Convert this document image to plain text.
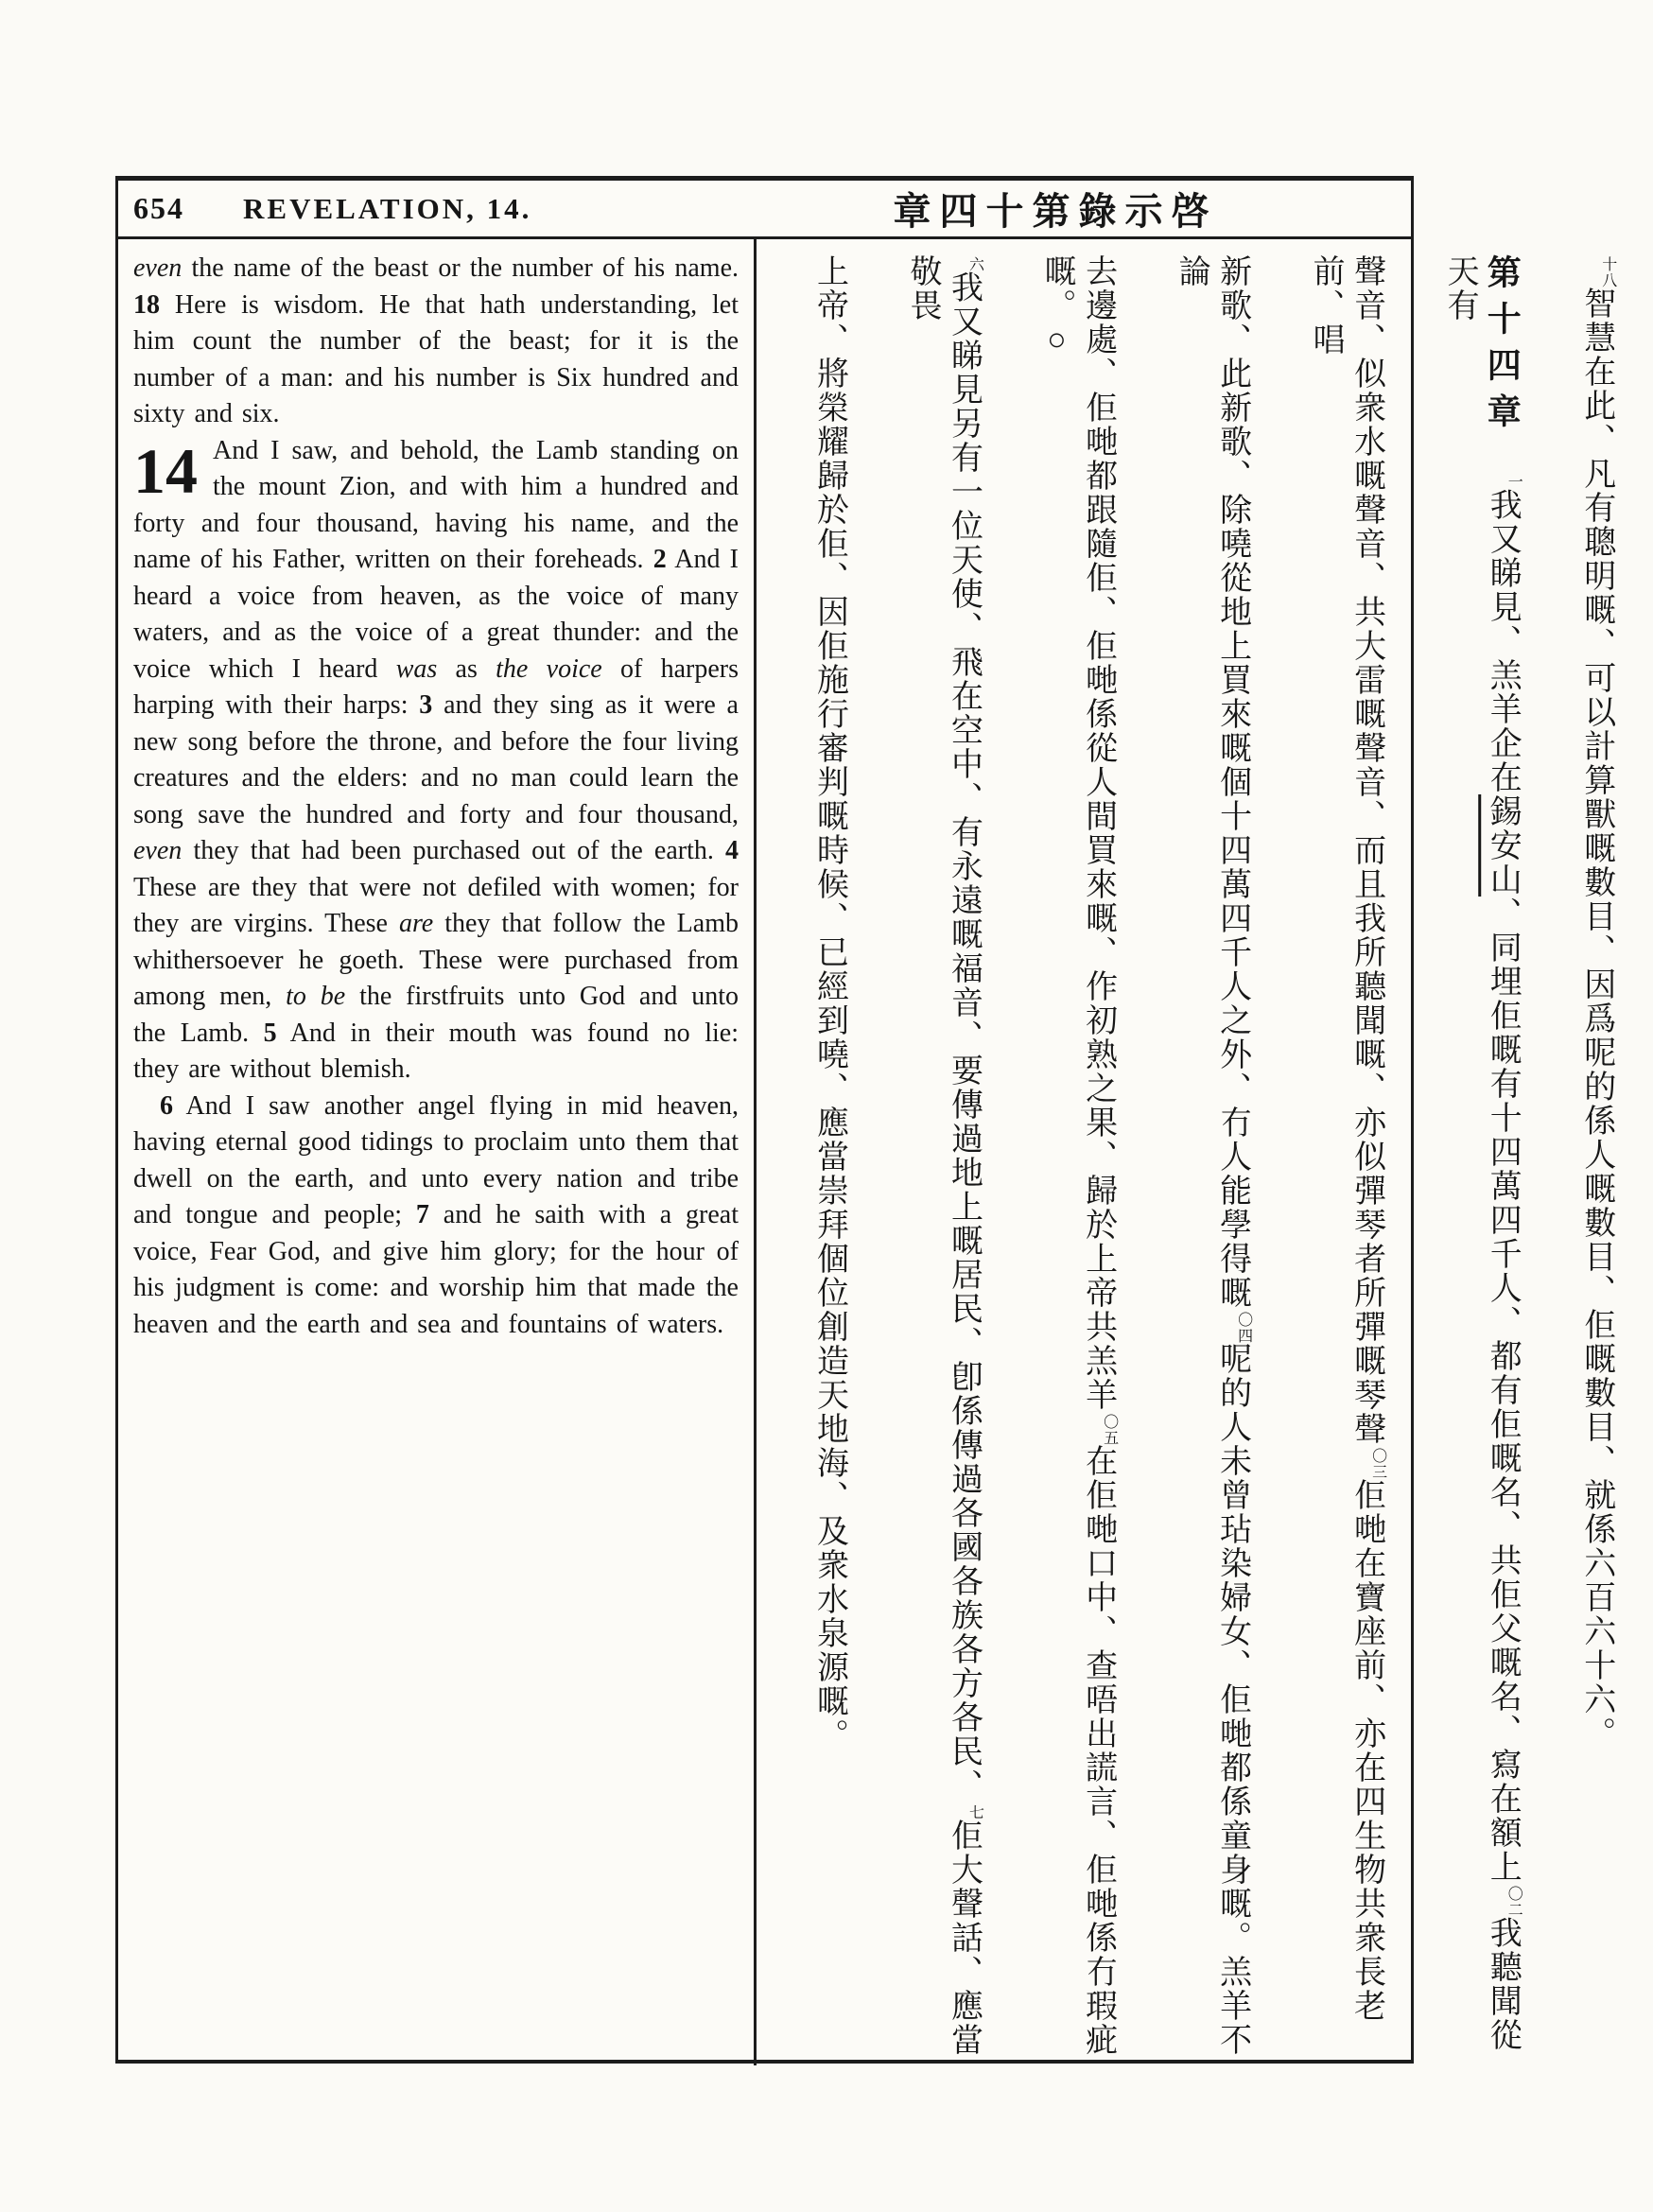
654 REVELATION, 14.	章四十第錄示啓

even the name of the beast or the number of his name. 18 Here is wisdom. He that hath understanding, let him count the number of the beast; for it is the number of a man: and his number is Six hundred and sixty and six.

14 And I saw, and behold, the Lamb standing on the mount Zion, and with him a hundred and forty and four thousand, having his name, and the name of his Father, written on their foreheads. 2 And I heard a voice from heaven, as the voice of many waters, and as the voice of a great thunder: and the voice which I heard was as the voice of harpers harping with their harps: 3 and they sing as it were a new song before the throne, and before the four living creatures and the elders: and no man could learn the song save the hundred and forty and four thousand, even they that had been purchased out of the earth. 4 These are they that were not defiled with women; for they are virgins. These are they that follow the Lamb whithersoever he goeth. These were purchased from among men, to be the firstfruits unto God and unto the Lamb. 5 And in their mouth was found no lie: they are without blemish.

6 And I saw another angel flying in mid heaven, having eternal good tidings to proclaim unto them that dwell on the earth, and unto every nation and tribe and tongue and people; 7 and he saith with a great voice, Fear God, and give him glory; for the hour of his judgment is come: and worship him that made the heaven and the earth and sea and fountains of waters.

十八智慧在此、凡有聰明嘅、可以計算獸嘅數目、因爲呢的係人嘅數目、佢嘅數目、就係六百六十六。
第十四章一我又睇見、羔羊企在錫安山、同埋佢嘅有十四萬四千人、都有佢嘅名、共佢父嘅名、寫在額上〇二我聽聞從天有
聲音、似衆水嘅聲音、共大雷嘅聲音、而且我所聽聞嘅、亦似彈琴者所彈嘅琴聲〇三佢哋在寶座前、亦在四生物共衆長老前、唱
新歌、此新歌、除嘵從地上買來嘅個十四萬四千人之外、冇人能學得嘅〇四呢的人未曾玷染婦女、佢哋都係童身嘅。羔羊不論
去邊處、佢哋都跟隨佢、佢哋係從人間買來嘅、作初熟之果、歸於上帝共羔羊〇五在佢哋口中、查唔出謊言、佢哋係冇瑕疵嘅。○
六我又睇見另有一位天使、飛在空中、有永遠嘅福音、要傳過地上嘅居民、卽係傳過各國各族各方各民、七佢大聲話、應當敬畏
上帝、將榮耀歸於佢、因佢施行審判嘅時候、已經到嘵、應當崇拜個位創造天地海、及衆水泉源嘅。
